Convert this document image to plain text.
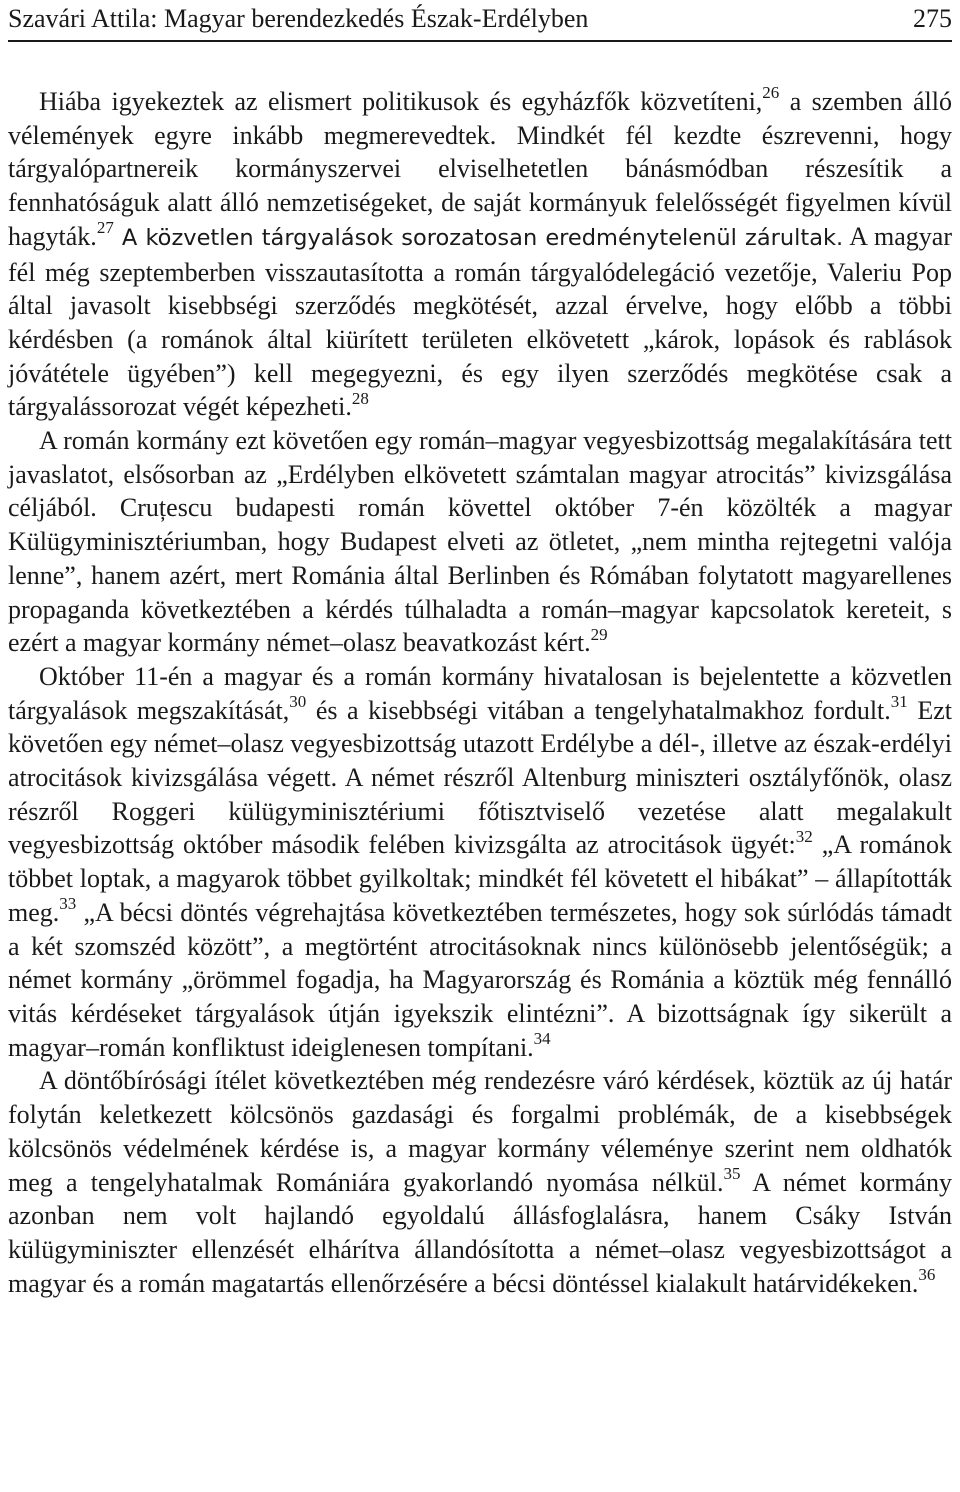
Szavári Attila: Magyar berendezkedés Észak-Erdélyben	275

Hiába igyekeztek az elismert politikusok és egyházfők közvetíteni,$^{26}$ a szemben álló vélemények egyre inkább megmerevedtek. Mindkét fél kezdte észrevenni, hogy tárgyalópartnereik kormányszervei elviselhetetlen bánásmódban részesítik a fennhatóságuk alatt álló nemzetiségeket, de saját kormányuk felelősségét figyelmen kívül hagyták.$^{27}$ A közvetlen tárgyalások sorozatosan eredménytelenül zárultak. A magyar fél még szeptemberben visszautasította a román tárgyalódelegáció vezetője, Valeriu Pop által javasolt kisebbségi szerződés megkötését, azzal érvelve, hogy előbb a többi kérdésben (a románok által kiürített területen elkövetett „károk, lopások és rablások jóvátétele ügyében”) kell megegyezni, és egy ilyen szerződés megkötése csak a tárgyalássorozat végét képezheti.$^{28}$

A román kormány ezt követően egy román–magyar vegyesbizottság megalakítására tett javaslatot, elsősorban az „Erdélyben elkövetett számtalan magyar atrocitás” kivizsgálása céljából. Cruțescu budapesti román követtel október 7-én közölték a magyar Külügyminisztériumban, hogy Budapest elveti az ötletet, „nem mintha rejtegetni valója lenne”, hanem azért, mert Románia által Berlinben és Rómában folytatott magyarellenes propaganda következtében a kérdés túlhaladta a román–magyar kapcsolatok kereteit, s ezért a magyar kormány német–olasz beavatkozást kért.$^{29}$

Október 11-én a magyar és a román kormány hivatalosan is bejelentette a közvetlen tárgyalások megszakítását,$^{30}$ és a kisebbségi vitában a tengelyhatalmakhoz fordult.$^{31}$ Ezt követően egy német–olasz vegyesbizottság utazott Erdélybe a dél-, illetve az észak-erdélyi atrocitások kivizsgálása végett. A német részről Altenburg miniszteri osztályfőnök, olasz részről Roggeri külügyminisztériumi főtisztviselő vezetése alatt megalakult vegyesbizottság október második felében kivizsgálta az atrocitások ügyét:$^{32}$ „A románok többet loptak, a magyarok többet gyilkoltak; mindkét fél követett el hibákat” – állapították meg.$^{33}$ „A bécsi döntés végrehajtása következtében természetes, hogy sok súrlódás támadt a két szomszéd között”, a megtörtént atrocitásoknak nincs különösebb jelentőségük; a német kormány „örömmel fogadja, ha Magyarország és Románia a köztük még fennálló vitás kérdéseket tárgyalások útján igyekszik elintézni”. A bizottságnak így sikerült a magyar–román konfliktust ideiglenesen tompítani.$^{34}$

A döntőbírósági ítélet következtében még rendezésre váró kérdések, köztük az új határ folytán keletkezett kölcsönös gazdasági és forgalmi problémák, de a kisebbségek kölcsönös védelmének kérdése is, a magyar kormány véleménye szerint nem oldhatók meg a tengelyhatalmak Romániára gyakorlandó nyomása nélkül.$^{35}$ A német kormány azonban nem volt hajlandó egyoldalú állásfoglalásra, hanem Csáky István külügyminiszter ellenzését elhárítva állandósította a német–olasz vegyesbizottságot a magyar és a román magatartás ellenőrzésére a bécsi döntéssel kialakult határvidékeken.$^{36}$
